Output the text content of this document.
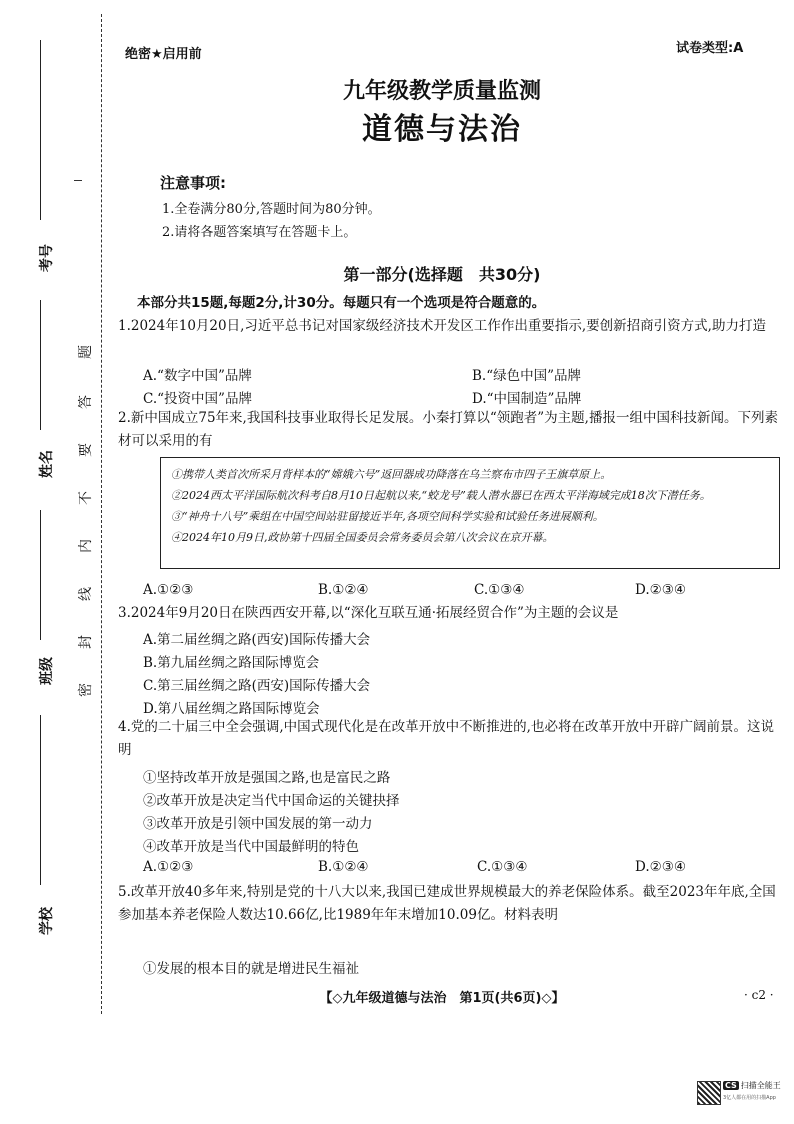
考号
姓名
班级
学校
题
答
要
不
内
线
封
密
绝密★启用前	试卷类型:A
九年级教学质量监测
道德与法治
注意事项:
1.全卷满分80分,答题时间为80分钟。
2.请将各题答案填写在答题卡上。
第一部分(选择题　共30分)
本部分共15题,每题2分,计30分。每题只有一个选项是符合题意的。
1.2024年10月20日,习近平总书记对国家级经济技术开发区工作作出重要指示,要创新招商引资方式,助力打造
A.“数字中国”品牌	B.“绿色中国”品牌
C.“投资中国”品牌	D.“中国制造”品牌
2.新中国成立75年来,我国科技事业取得长足发展。小秦打算以“领跑者”为主题,播报一组中国科技新闻。下列素材可以采用的有
①携带人类首次所采月背样本的“嫦娥六号”返回器成功降落在乌兰察布市四子王旗草原上。
②2024西太平洋国际航次科考自8月10日起航以来,“蛟龙号”载人潜水器已在西太平洋海域完成18次下潜任务。
③“神舟十八号”乘组在中国空间站驻留接近半年,各项空间科学实验和试验任务进展顺利。
④2024年10月9日,政协第十四届全国委员会常务委员会第八次会议在京开幕。
A.①②③	B.①②④	C.①③④	D.②③④
3.2024年9月20日在陕西西安开幕,以“深化互联互通·拓展经贸合作”为主题的会议是
A.第二届丝绸之路(西安)国际传播大会
B.第九届丝绸之路国际博览会
C.第三届丝绸之路(西安)国际传播大会
D.第八届丝绸之路国际博览会
4.党的二十届三中全会强调,中国式现代化是在改革开放中不断推进的,也必将在改革开放中开辟广阔前景。这说明
①坚持改革开放是强国之路,也是富民之路
②改革开放是决定当代中国命运的关键抉择
③改革开放是引领中国发展的第一动力
④改革开放是当代中国最鲜明的特色
A.①②③	B.①②④	C.①③④	D.②③④
5.改革开放40多年来,特别是党的十八大以来,我国已建成世界规模最大的养老保险体系。截至2023年年底,全国参加基本养老保险人数达10.66亿,比1989年年末增加10.09亿。材料表明
①发展的根本目的就是增进民生福祉
【◇九年级道德与法治　第1页(共6页)◇】	· c2 ·
CS 扫描全能王
3亿人都在用的扫描App
